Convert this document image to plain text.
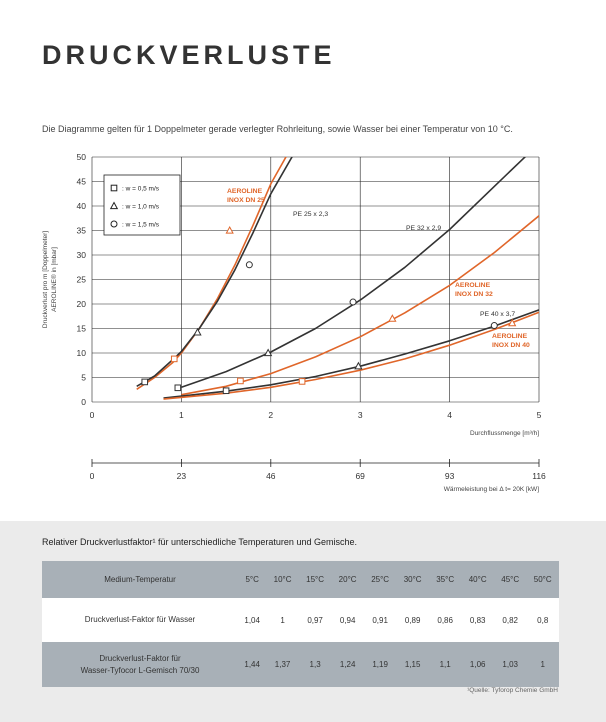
DRUCKVERLUSTE
Die Diagramme gelten für 1 Doppelmeter gerade verlegter Rohrleitung, sowie Wasser bei einer Temperatur von 10 °C.
0
5
10
15
20
25
30
35
40
45
50
0	1	2	3	4	5
Durchflussmenge [m³/h]
Druckverlust pro m [Doppelmeter] AEROLINE® in [mbar]
AEROLINE
INOX DN 25
PE 25 x 2,3
PE 32 x 2,9
AEROLINE
INOX DN 32
PE 40 x 3,7
AEROLINE
INOX DN 40
: w = 0,5 m/s
: w = 1,0 m/s
: w = 1,5 m/s
0	23	46	69	93	116
Wärmeleistung bei Δ t= 20K [kW]
Relativer Druckverlustfaktor¹ für unterschiedliche Temperaturen und Gemische.
Medium-Temperatur	5°C	10°C	15°C	20°C	25°C	30°C	35°C	40°C	45°C	50°C
Druckverlust-Faktor für Wasser	1,04	1	0,97	0,94	0,91	0,89	0,86	0,83	0,82	0,8
Druckverlust-Faktor für
Wasser-Tyfocor L-Gemisch 70/30	1,44	1,37	1,3	1,24	1,19	1,15	1,1	1,06	1,03	1
¹Quelle: Tyforop Chemie GmbH
